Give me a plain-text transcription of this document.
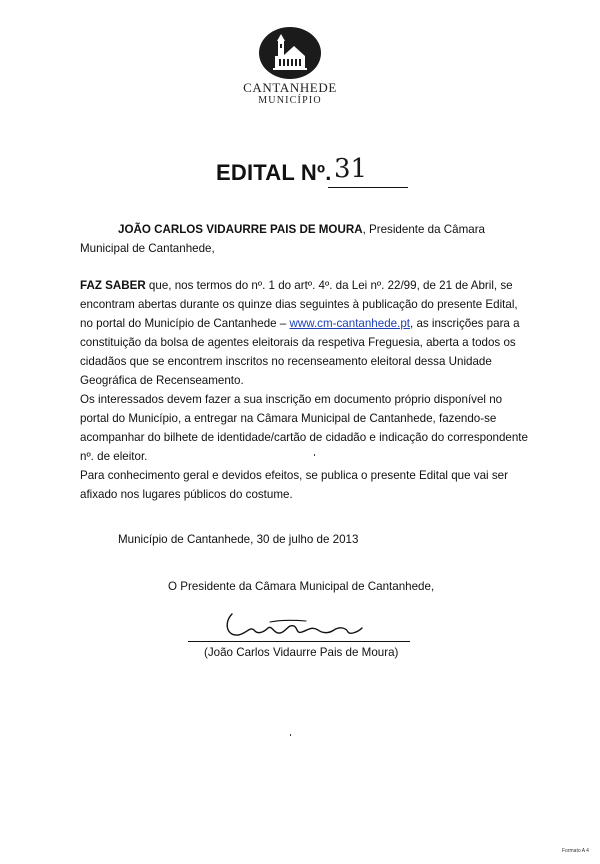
CANTANHEDE
MUNICÍPIO
EDITAL Nº. 31
JOÃO CARLOS VIDAURRE PAIS DE MOURA, Presidente da Câmara
Municipal de Cantanhede,
FAZ SABER que, nos termos do nº. 1 do artº. 4º. da Lei nº. 22/99, de 21 de Abril, se
encontram abertas durante os quinze dias seguintes à publicação do presente Edital,
no portal do Município de Cantanhede – www.cm-cantanhede.pt, as inscrições para a
constituição da bolsa de agentes eleitorais da respetiva Freguesia, aberta a todos os
cidadãos que se encontrem inscritos no recenseamento eleitoral dessa Unidade
Geográfica de Recenseamento.
Os interessados devem fazer a sua inscrição em documento próprio disponível no
portal do Município, a entregar na Câmara Municipal de Cantanhede, fazendo-se
acompanhar do bilhete de identidade/cartão de cidadão e indicação do correspondente
nº. de eleitor.
Para conhecimento geral e devidos efeitos, se publica o presente Edital que vai ser
afixado nos lugares públicos do costume.
Município de Cantanhede, 30 de julho de 2013
O Presidente da Câmara Municipal de Cantanhede,
(João Carlos Vidaurre Pais de Moura)
Formato A 4
